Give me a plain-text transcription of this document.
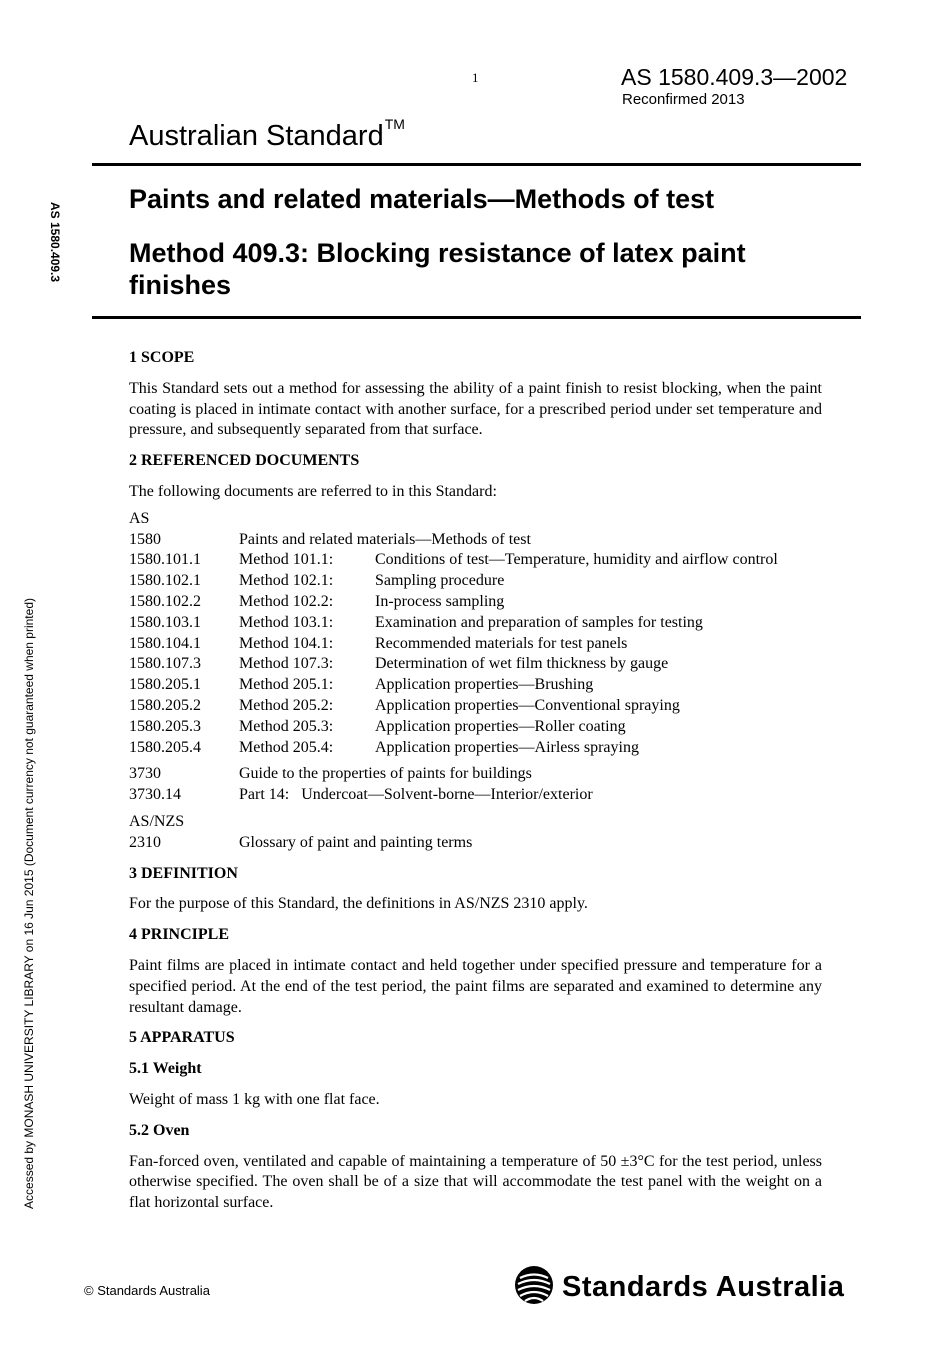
1	AS 1580.409.3—2002
Reconfirmed 2013
Australian Standard™
Paints and related materials—Methods of test
Method 409.3: Blocking resistance of latex paint finishes
AS 1580.409.3
Accessed by MONASH UNIVERSITY LIBRARY on 16 Jun 2015 (Document currency not guaranteed when printed)
1 SCOPE
This Standard sets out a method for assessing the ability of a paint finish to resist blocking, when the paint coating is placed in intimate contact with another surface, for a prescribed period under set temperature and pressure, and subsequently separated from that surface.
2 REFERENCED DOCUMENTS
The following documents are referred to in this Standard:
AS
1580	Paints and related materials—Methods of test
1580.101.1	Method 101.1:	Conditions of test—Temperature, humidity and airflow control
1580.102.1	Method 102.1:	Sampling procedure
1580.102.2	Method 102.2:	In-process sampling
1580.103.1	Method 103.1:	Examination and preparation of samples for testing
1580.104.1	Method 104.1:	Recommended materials for test panels
1580.107.3	Method 107.3:	Determination of wet film thickness by gauge
1580.205.1	Method 205.1:	Application properties—Brushing
1580.205.2	Method 205.2:	Application properties—Conventional spraying
1580.205.3	Method 205.3:	Application properties—Roller coating
1580.205.4	Method 205.4:	Application properties—Airless spraying
3730	Guide to the properties of paints for buildings
3730.14	Part 14:   Undercoat—Solvent-borne—Interior/exterior
AS/NZS
2310	Glossary of paint and painting terms
3 DEFINITION
For the purpose of this Standard, the definitions in AS/NZS 2310 apply.
4 PRINCIPLE
Paint films are placed in intimate contact and held together under specified pressure and temperature for a specified period. At the end of the test period, the paint films are separated and examined to determine any resultant damage.
5 APPARATUS
5.1 Weight
Weight of mass 1 kg with one flat face.
5.2 Oven
Fan-forced oven, ventilated and capable of maintaining a temperature of 50 ±3°C for the test period, unless otherwise specified. The oven shall be of a size that will accommodate the test panel with the weight on a flat horizontal surface.
© Standards Australia	Standards Australia
